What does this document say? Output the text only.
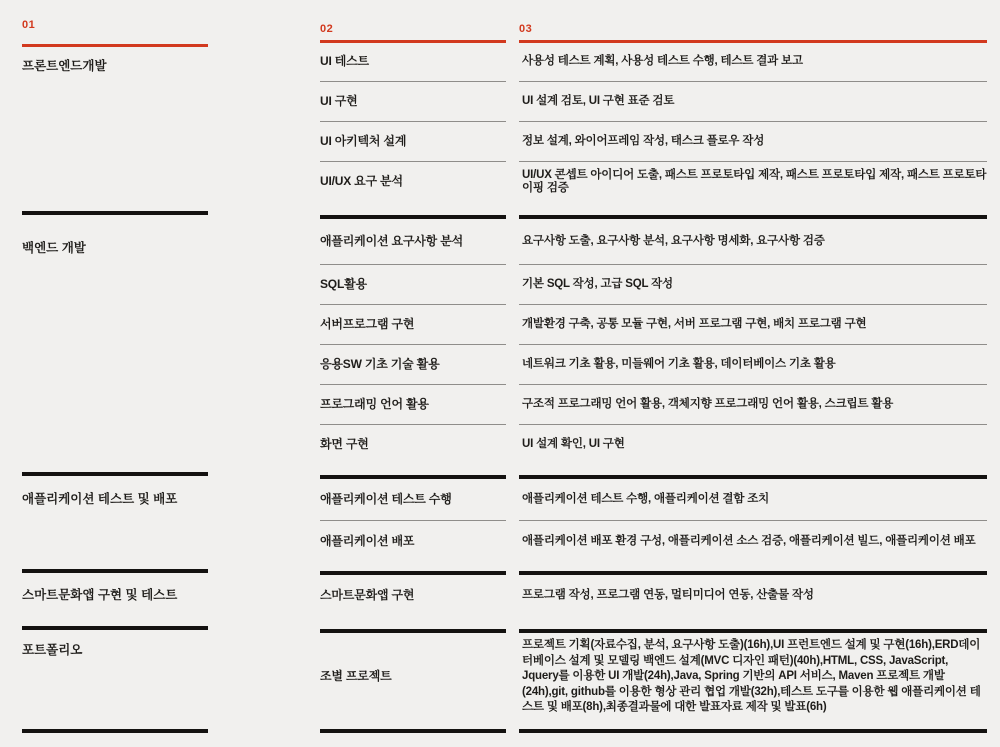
01
프론트엔드개발
백엔드 개발
애플리케이션 테스트 및 배포
스마트문화앱 구현 및 테스트
포트폴리오
02
UI 테스트
UI 구현
UI 아키텍처 설계
UI/UX 요구 분석
애플리케이션 요구사항 분석
SQL활용
서버프로그램 구현
응용SW 기초 기술 활용
프로그래밍 언어 활용
화면 구현
애플리케이션 테스트 수행
애플리케이션 배포
스마트문화앱 구현
조별 프로젝트
03
사용성 테스트 계획, 사용성 테스트 수행, 테스트 결과 보고
UI 설계 검토, UI 구현 표준 검토
정보 설계, 와이어프레임 작성, 태스크 플로우 작성
UI/UX 콘셉트 아이디어 도출, 패스트 프로토타입 제작, 패스트 프로토타입 제작, 패스트 프로토타이핑 검증
요구사항 도출, 요구사항 분석, 요구사항 명세화, 요구사항 검증
기본 SQL 작성, 고급 SQL 작성
개발환경 구축, 공통 모듈 구현, 서버 프로그램 구현, 배치 프로그램 구현
네트워크 기초 활용, 미들웨어 기초 활용, 데이터베이스 기초 활용
구조적 프로그래밍 언어 활용, 객체지향 프로그래밍 언어 활용, 스크립트 활용
UI 설계 확인, UI 구현
애플리케이션 테스트 수행, 애플리케이션 결함 조치
애플리케이션 배포 환경 구성, 애플리케이션 소스 검증, 애플리케이션 빌드, 애플리케이션 배포
프로그램 작성, 프로그램 연동, 멀티미디어 연동, 산출물 작성
프로젝트 기획(자료수집, 분석, 요구사항 도출)(16h),UI 프런트엔드 설계 및 구현(16h),ERD데이터베이스 설계 및 모델링 백엔드 설계(MVC 디자인 패턴)(40h),HTML, CSS, JavaScript, Jquery를 이용한 UI 개발(24h),Java, Spring 기반의 API 서비스, Maven 프로젝트 개발(24h),git, github를 이용한 형상 관리 협업 개발(32h),테스트 도구를 이용한 웹 애플리케이션 테스트 및 배포(8h),최종결과물에 대한 발표자료 제작 및 발표(6h)
